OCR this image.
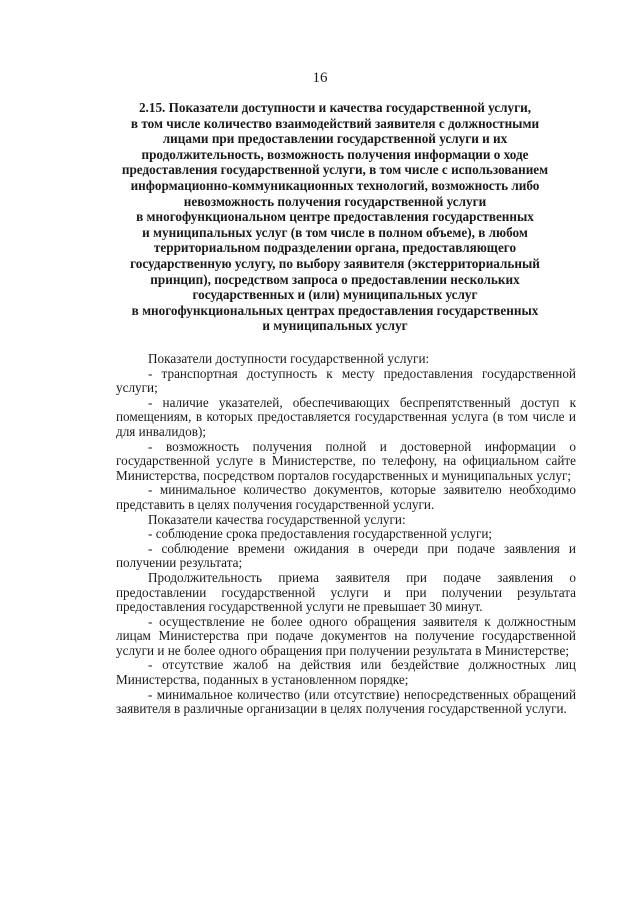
16
2.15. Показатели доступности и качества государственной услуги,
в том числе количество взаимодействий заявителя с должностными
лицами при предоставлении государственной услуги и их
продолжительность, возможность получения информации о ходе
предоставления государственной услуги, в том числе с использованием
информационно-коммуникационных технологий, возможность либо
невозможность получения государственной услуги
в многофункциональном центре предоставления государственных
и муниципальных услуг (в том числе в полном объеме), в любом
территориальном подразделении органа, предоставляющего
государственную услугу, по выбору заявителя (экстерриториальный
принцип), посредством запроса о предоставлении нескольких
государственных и (или) муниципальных услуг
в многофункциональных центрах предоставления государственных
и муниципальных услуг

Показатели доступности государственной услуги:

- транспортная доступность к месту предоставления государственной услуги;

- наличие указателей, обеспечивающих беспрепятственный доступ к помещениям, в которых предоставляется государственная услуга (в том числе и для инвалидов);

- возможность получения полной и достоверной информации о государственной услуге в Министерстве, по телефону, на официальном сайте Министерства, посредством порталов государственных и муниципальных услуг;

- минимальное количество документов, которые заявителю необходимо представить в целях получения государственной услуги.

Показатели качества государственной услуги:

- соблюдение срока предоставления государственной услуги;

- соблюдение времени ожидания в очереди при подаче заявления и получении результата;

Продолжительность приема заявителя при подаче заявления о предоставлении государственной услуги и при получении результата предоставления государственной услуги не превышает 30 минут.

- осуществление не более одного обращения заявителя к должностным лицам Министерства при подаче документов на получение государственной услуги и не более одного обращения при получении результата в Министерстве;

- отсутствие жалоб на действия или бездействие должностных лиц Министерства, поданных в установленном порядке;

- минимальное количество (или отсутствие) непосредственных обращений заявителя в различные организации в целях получения государственной услуги.
